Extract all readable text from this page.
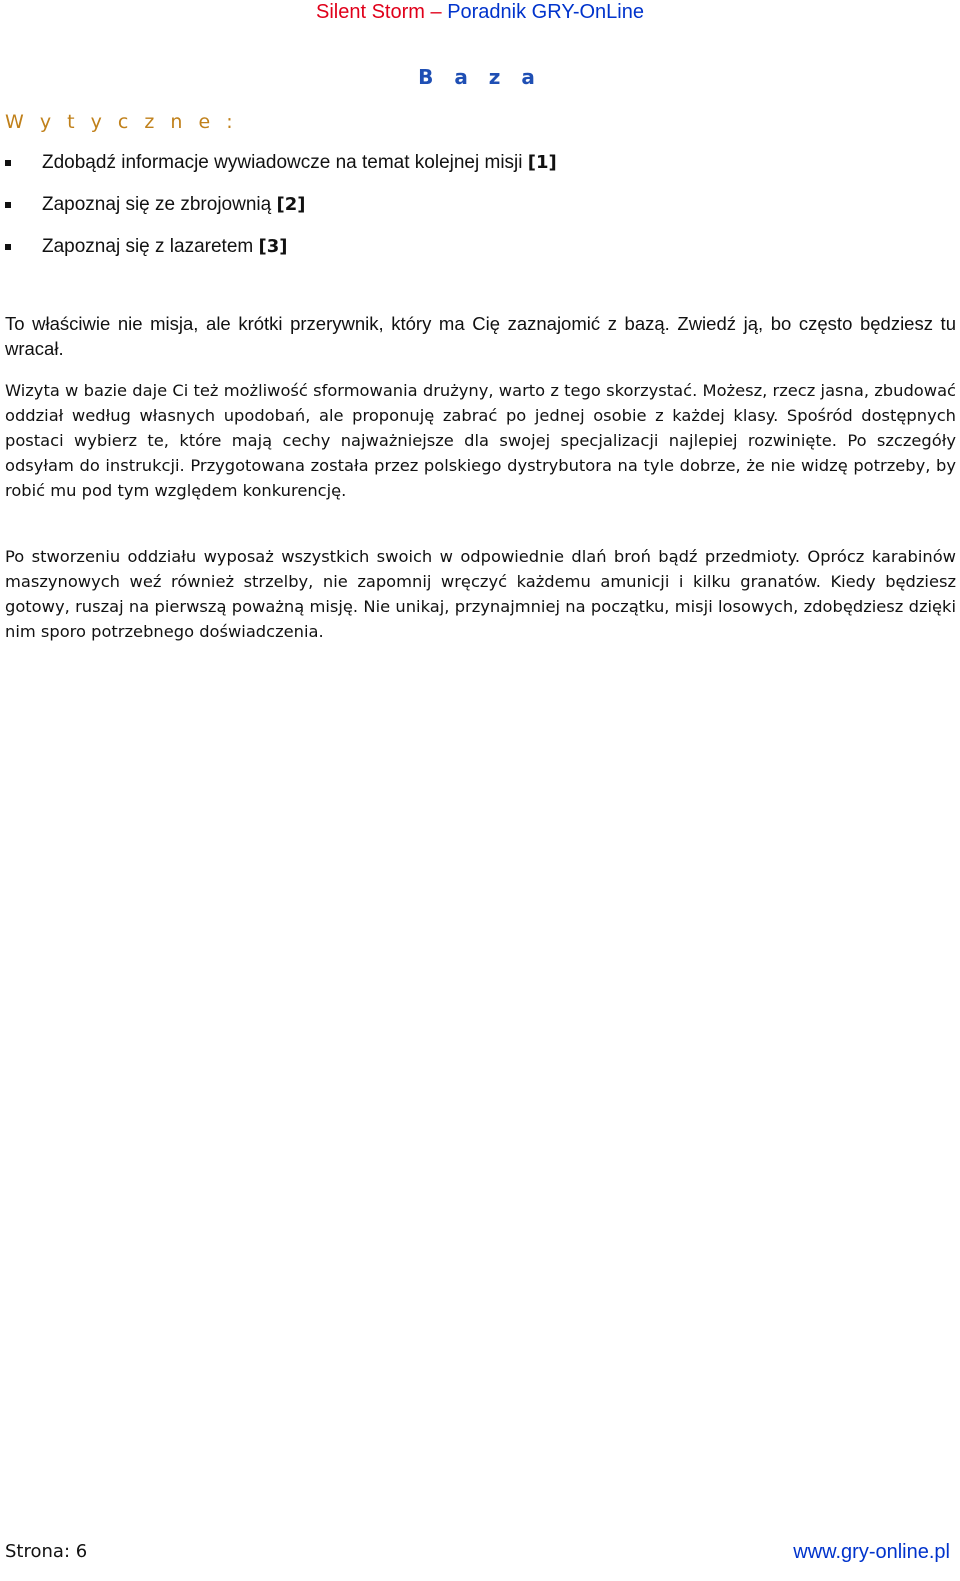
Silent Storm – Poradnik GRY-OnLine
B a z a
W y t y c z n e :
Zdobądź informacje wywiadowcze na temat kolejnej misji [1]
Zapoznaj się ze zbrojownią [2]
Zapoznaj się z lazaretem [3]

To właściwie nie misja, ale krótki przerywnik, który ma Cię zaznajomić z bazą. Zwiedź ją, bo często będziesz tu wracał.

Wizyta w bazie daje Ci też możliwość sformowania drużyny, warto z tego skorzystać. Możesz, rzecz jasna, zbudować oddział według własnych upodobań, ale proponuję zabrać po jednej osobie z każdej klasy. Spośród dostępnych postaci wybierz te, które mają cechy najważniejsze dla swojej specjalizacji najlepiej rozwinięte. Po szczegóły odsyłam do instrukcji. Przygotowana została przez polskiego dystrybutora na tyle dobrze, że nie widzę potrzeby, by robić mu pod tym względem konkurencję.

Po stworzeniu oddziału wyposaż wszystkich swoich w odpowiednie dlań broń bądź przedmioty. Oprócz karabinów maszynowych weź również strzelby, nie zapomnij wręczyć każdemu amunicji i kilku granatów. Kiedy będziesz gotowy, ruszaj na pierwszą poważną misję. Nie unikaj, przynajmniej na początku, misji losowych, zdobędziesz dzięki nim sporo potrzebnego doświadczenia.

Strona: 6	www.gry-online.pl
